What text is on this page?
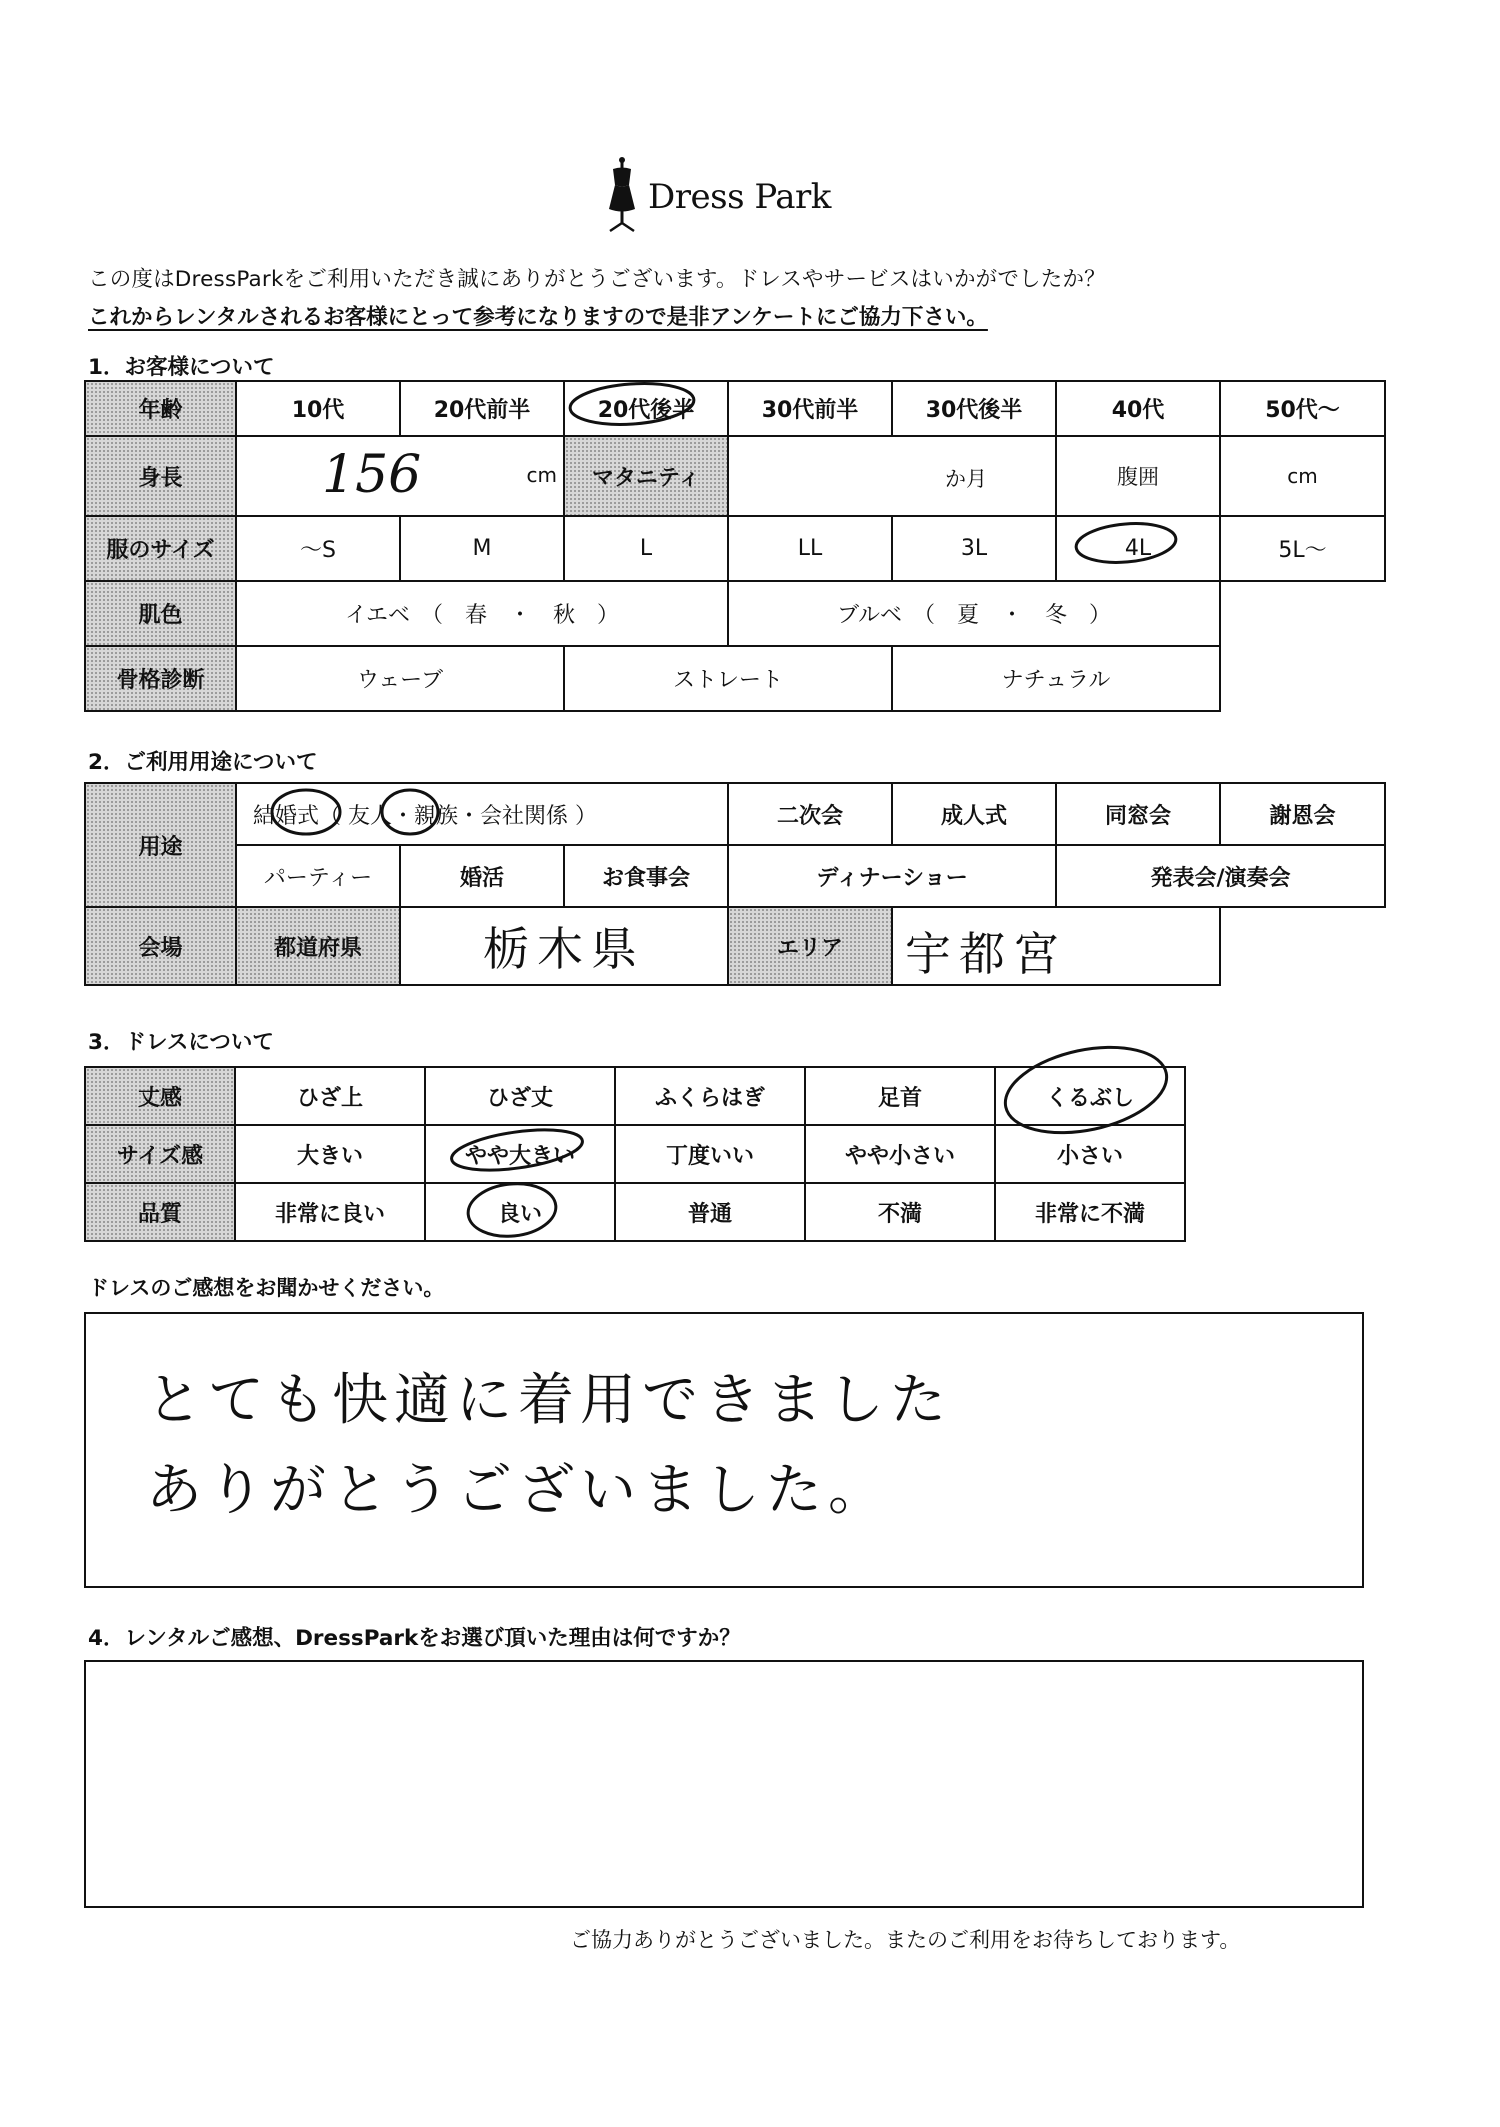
Dress Park
この度はDressParkをご利用いただき誠にありがとうございます。ドレスやサービスはいかがでしたか？
これからレンタルされるお客様にとって参考になりますので是非アンケートにご協力下さい。
1．お客様について
年齢	10代	20代前半	20代後半	30代前半	30代後半	40代	50代〜
身長	156 cm		マタニティ	か月		腹囲	cm
服のサイズ	〜S	M	L	LL	3L	4L	5L〜
肌色	イエベ　（　春　・　秋　）			ブルベ　（　夏　・　冬　）			
骨格診断	ウェーブ		ストレート		ナチュラル		
2．ご利用用途について
用途	結婚式（ 友人・親族・会社関係 ）			二次会	成人式	同窓会	謝恩会
	パーティー	婚活	お食事会	ディナーショー		発表会/演奏会	
会場	都道府県	栃木県		エリア	宇都宮		

3．ドレスについて
丈感	ひざ上	ひざ丈	ふくらはぎ	足首	くるぶし
サイズ感	大きい	やや大きい	丁度いい	やや小さい	小さい
品質	非常に良い	良い	普通	不満	非常に不満
ドレスのご感想をお聞かせください。
とても快適に着用できました
ありがとうございました。
4．レンタルご感想、DressParkをお選び頂いた理由は何ですか？
ご協力ありがとうございました。またのご利用をお待ちしております。
